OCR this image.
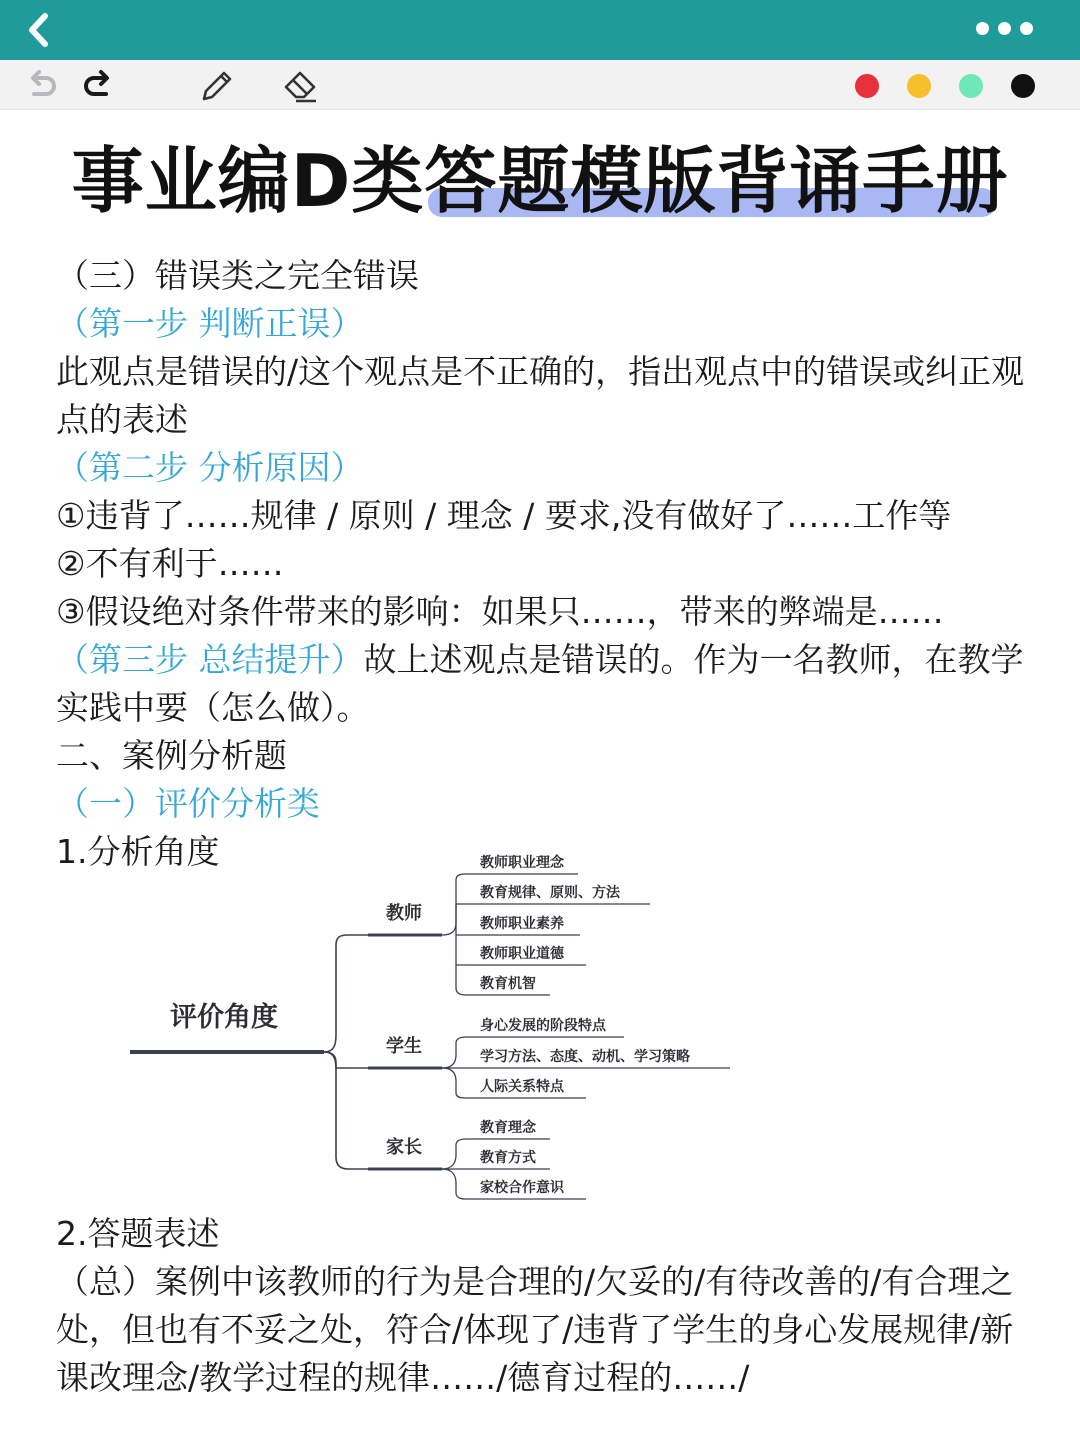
事业编D类答题模版背诵手册
（三）错误类之完全错误
（第一步 判断正误）
此观点是错误的/这个观点是不正确的，指出观点中的错误或纠正观点的表述
（第二步 分析原因）
①违背了……规律 / 原则 / 理念 / 要求,没有做好了……工作等
②不有利于……
③假设绝对条件带来的影响：如果只……，带来的弊端是……
（第三步 总结提升）故上述观点是错误的。作为一名教师，在教学实践中要（怎么做）。
二、案例分析题
（一）评价分析类
1.分析角度
评价角度
教师
学生
家长
教师职业理念
教育规律、原则、方法
教师职业素养
教师职业道德
教育机智
身心发展的阶段特点
学习方法、态度、动机、学习策略
人际关系特点
教育理念
教育方式
家校合作意识
2.答题表述
（总）案例中该教师的行为是合理的/欠妥的/有待改善的/有合理之处，但也有不妥之处，符合/体现了/违背了学生的身心发展规律/新课改理念/教学过程的规律……/德育过程的……/
